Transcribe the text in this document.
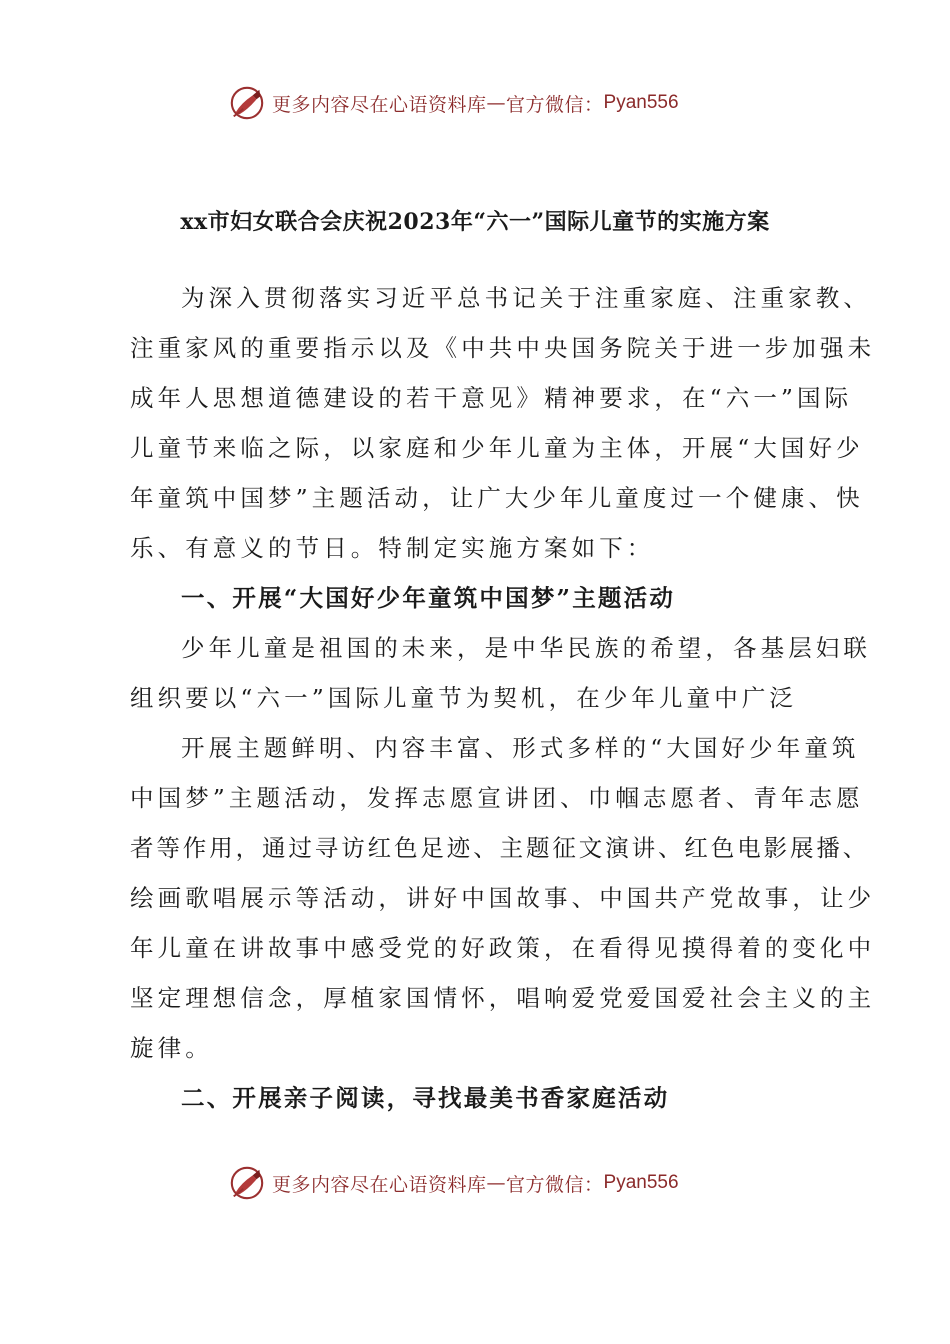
更多内容尽在心语资料库 — 官方微信： Pyan556
xx市妇女联合会庆祝2023年“六一”国际儿童节的实施方案
为深入贯彻落实习近平总书记关于注重家庭、注重家教、
注重家风的重要指示以及《中共中央国务院关于进一步加强未
成年人思想道德建设的若干意见》精神要求，在“六一”国际
儿童节来临之际，以家庭和少年儿童为主体，开展“大国好少
年童筑中国梦”主题活动，让广大少年儿童度过一个健康、快
乐、有意义的节日。特制定实施方案如下：
一、开展“大国好少年童筑中国梦”主题活动
少年儿童是祖国的未来，是中华民族的希望，各基层妇联
组织要以“六一”国际儿童节为契机，在少年儿童中广泛
开展主题鲜明、内容丰富、形式多样的“大国好少年童筑
中国梦”主题活动，发挥志愿宣讲团、巾帼志愿者、青年志愿
者等作用，通过寻访红色足迹、主题征文演讲、红色电影展播、
绘画歌唱展示等活动，讲好中国故事、中国共产党故事，让少
年儿童在讲故事中感受党的好政策，在看得见摸得着的变化中
坚定理想信念，厚植家国情怀，唱响爱党爱国爱社会主义的主
旋律。
二、开展亲子阅读，寻找最美书香家庭活动
更多内容尽在心语资料库 — 官方微信： Pyan556
